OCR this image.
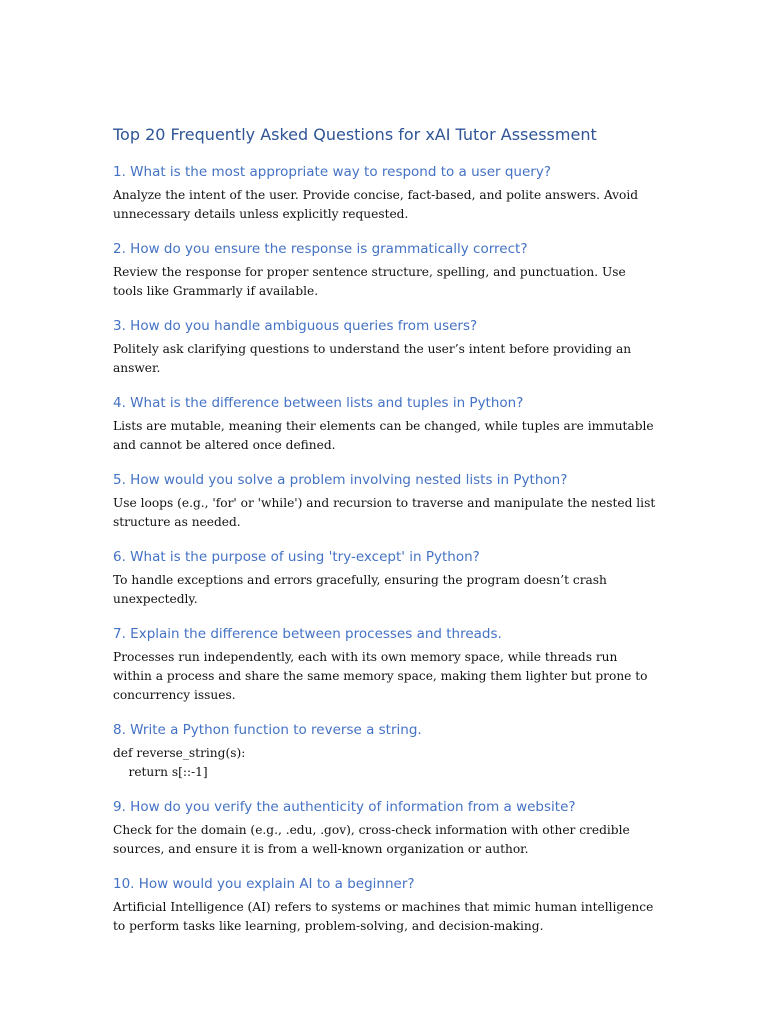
Top 20 Frequently Asked Questions for xAI Tutor Assessment
1. What is the most appropriate way to respond to a user query?

Analyze the intent of the user. Provide concise, fact-based, and polite answers. Avoid unnecessary details unless explicitly requested.

2. How do you ensure the response is grammatically correct?

Review the response for proper sentence structure, spelling, and punctuation. Use tools like Grammarly if available.

3. How do you handle ambiguous queries from users?

Politely ask clarifying questions to understand the user’s intent before providing an answer.

4. What is the difference between lists and tuples in Python?

Lists are mutable, meaning their elements can be changed, while tuples are immutable and cannot be altered once defined.

5. How would you solve a problem involving nested lists in Python?

Use loops (e.g., 'for' or 'while') and recursion to traverse and manipulate the nested list structure as needed.

6. What is the purpose of using 'try-except' in Python?

To handle exceptions and errors gracefully, ensuring the program doesn’t crash unexpectedly.

7. Explain the difference between processes and threads.

Processes run independently, each with its own memory space, while threads run within a process and share the same memory space, making them lighter but prone to concurrency issues.

8. Write a Python function to reverse a string.

def reverse_string(s):

return s[::-1]

9. How do you verify the authenticity of information from a website?

Check for the domain (e.g., .edu, .gov), cross-check information with other credible sources, and ensure it is from a well-known organization or author.

10. How would you explain AI to a beginner?

Artificial Intelligence (AI) refers to systems or machines that mimic human intelligence to perform tasks like learning, problem-solving, and decision-making.
